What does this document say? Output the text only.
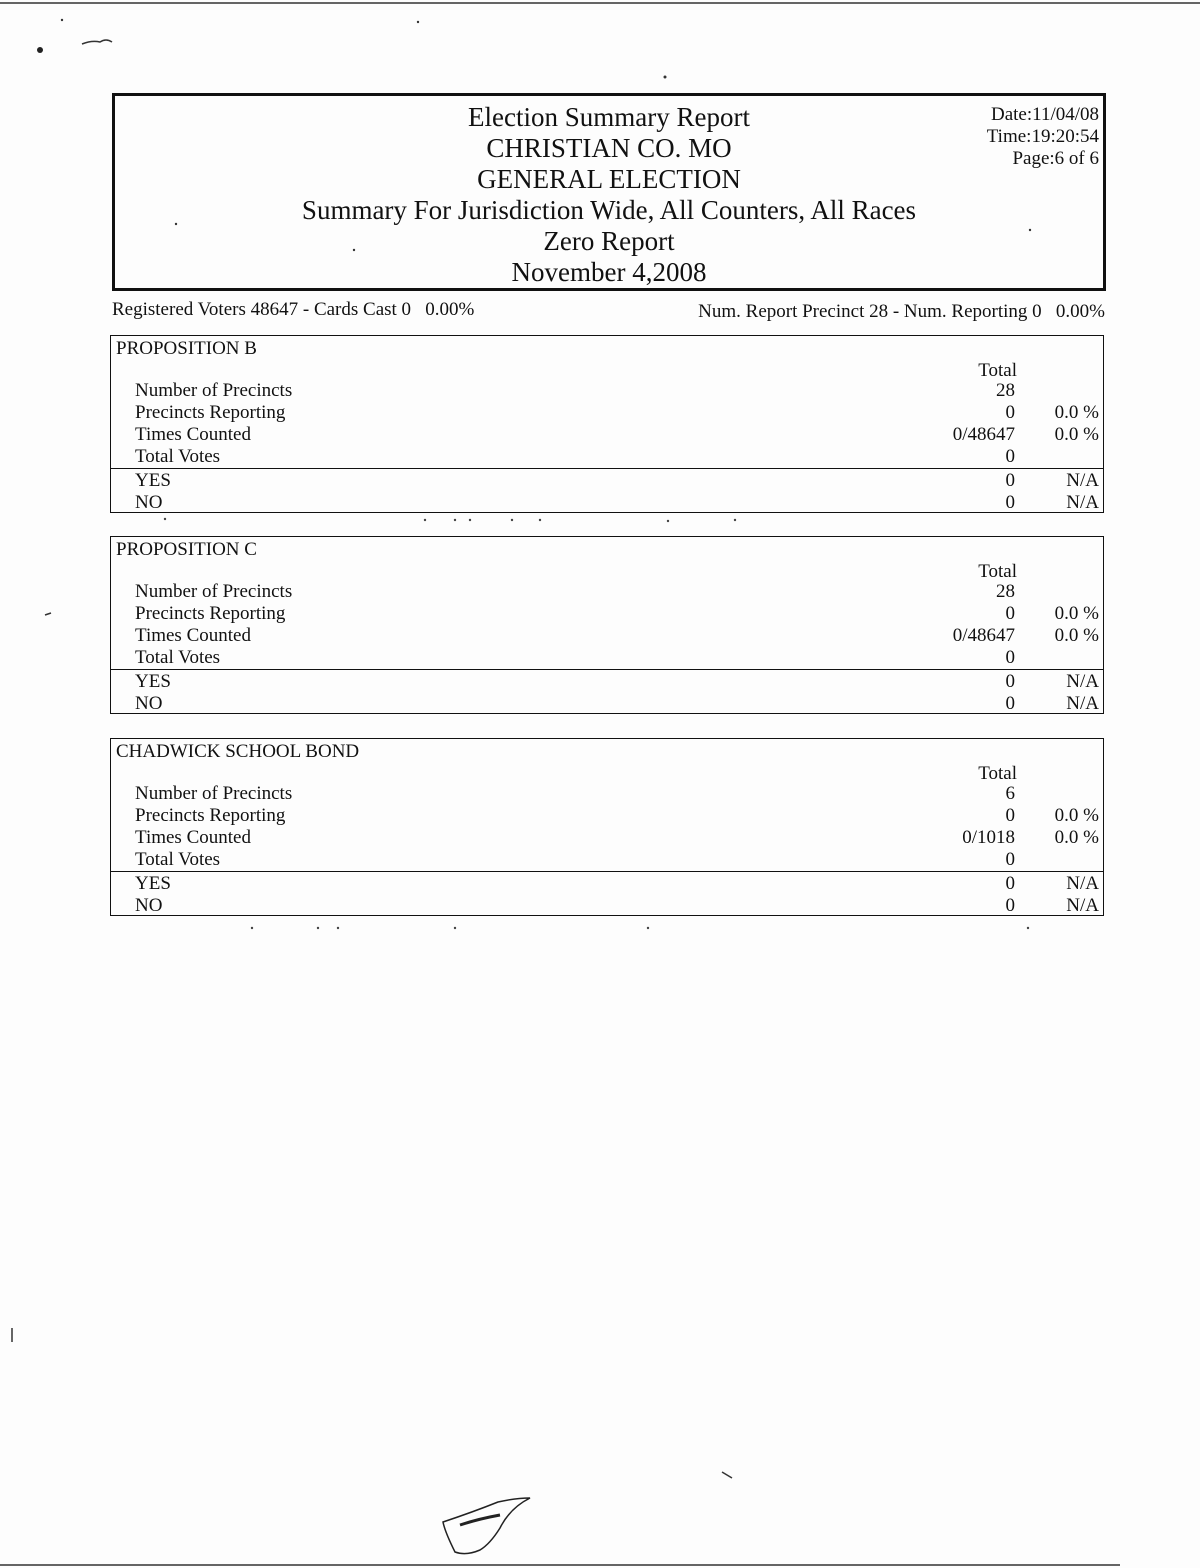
Election Summary Report
CHRISTIAN CO. MO
GENERAL ELECTION
Summary For Jurisdiction Wide, All Counters, All Races
Zero Report
November 4,2008
Date:11/04/08
Time:19:20:54
Page:6 of 6
Registered Voters 48647 - Cards Cast 0 0.00%	Num. Report Precinct 28 - Num. Reporting 0 0.00%
PROPOSITION B
Total
Number of Precincts	28
Precincts Reporting	0 0.0 %
Times Counted	0/48647 0.0 %
Total Votes	0
YES	0	N/A
NO	0	N/A
PROPOSITION C
Total
Number of Precincts	28
Precincts Reporting	0 0.0 %
Times Counted	0/48647 0.0 %
Total Votes	0
YES	0	N/A
NO	0	N/A
CHADWICK SCHOOL BOND
Total
Number of Precincts	6
Precincts Reporting	0 0.0 %
Times Counted	0/1018 0.0 %
Total Votes	0
YES	0	N/A
NO	0	N/A
